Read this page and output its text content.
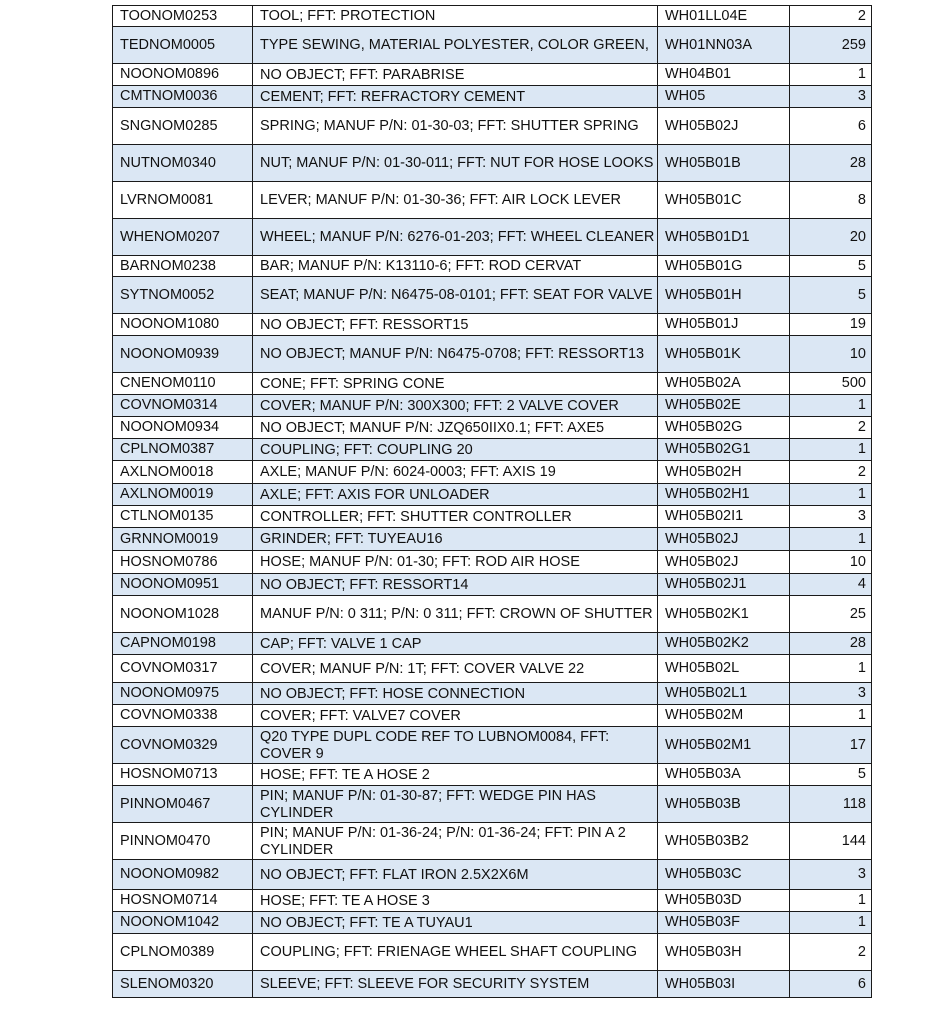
TOONOM0253	TOOL; FFT: PROTECTION	WH01LL04E	2
TEDNOM0005	TYPE SEWING, MATERIAL POLYESTER, COLOR GREEN,	WH01NN03A	259
NOONOM0896	NO OBJECT; FFT: PARABRISE	WH04B01	1
CMTNOM0036	CEMENT; FFT: REFRACTORY CEMENT	WH05	3
SNGNOM0285	SPRING; MANUF P/N: 01-30-03; FFT: SHUTTER SPRING	WH05B02J	6
NUTNOM0340	NUT; MANUF P/N: 01-30-011; FFT: NUT FOR HOSE LOOKS	WH05B01B	28
LVRNOM0081	LEVER; MANUF P/N: 01-30-36; FFT: AIR LOCK LEVER	WH05B01C	8
WHENOM0207	WHEEL; MANUF P/N: 6276-01-203; FFT: WHEEL CLEANER	WH05B01D1	20
BARNOM0238	BAR; MANUF P/N: K13110-6; FFT: ROD CERVAT	WH05B01G	5
SYTNOM0052	SEAT; MANUF P/N: N6475-08-0101; FFT: SEAT FOR VALVE	WH05B01H	5
NOONOM1080	NO OBJECT; FFT: RESSORT15	WH05B01J	19
NOONOM0939	NO OBJECT; MANUF P/N: N6475-0708; FFT: RESSORT13	WH05B01K	10
CNENOM0110	CONE; FFT: SPRING CONE	WH05B02A	500
COVNOM0314	COVER; MANUF P/N: 300X300; FFT: 2 VALVE COVER	WH05B02E	1
NOONOM0934	NO OBJECT; MANUF P/N: JZQ650IIX0.1; FFT: AXE5	WH05B02G	2
CPLNOM0387	COUPLING; FFT: COUPLING 20	WH05B02G1	1
AXLNOM0018	AXLE; MANUF P/N: 6024-0003; FFT: AXIS 19	WH05B02H	2
AXLNOM0019	AXLE; FFT: AXIS FOR UNLOADER	WH05B02H1	1
CTLNOM0135	CONTROLLER; FFT: SHUTTER CONTROLLER	WH05B02I1	3
GRNNOM0019	GRINDER; FFT: TUYEAU16	WH05B02J	1
HOSNOM0786	HOSE; MANUF P/N: 01-30; FFT: ROD AIR HOSE	WH05B02J	10
NOONOM0951	NO OBJECT; FFT: RESSORT14	WH05B02J1	4
NOONOM1028	MANUF P/N: 0 311; P/N: 0 311; FFT: CROWN OF SHUTTER	WH05B02K1	25
CAPNOM0198	CAP; FFT: VALVE 1 CAP	WH05B02K2	28
COVNOM0317	COVER; MANUF P/N: 1T; FFT: COVER VALVE 22	WH05B02L	1
NOONOM0975	NO OBJECT; FFT: HOSE CONNECTION	WH05B02L1	3
COVNOM0338	COVER; FFT: VALVE7 COVER	WH05B02M	1
COVNOM0329	Q20 TYPE DUPL CODE REF TO LUBNOM0084, FFT: COVER 9	WH05B02M1	17
HOSNOM0713	HOSE; FFT: TE A HOSE 2	WH05B03A	5
PINNOM0467	PIN; MANUF P/N: 01-30-87; FFT: WEDGE PIN HAS CYLINDER	WH05B03B	118
PINNOM0470	PIN; MANUF P/N: 01-36-24; P/N: 01-36-24; FFT: PIN A 2 CYLINDER	WH05B03B2	144
NOONOM0982	NO OBJECT; FFT: FLAT IRON 2.5X2X6M	WH05B03C	3
HOSNOM0714	HOSE; FFT: TE A HOSE 3	WH05B03D	1
NOONOM1042	NO OBJECT; FFT: TE A TUYAU1	WH05B03F	1
CPLNOM0389	COUPLING; FFT: FRIENAGE WHEEL SHAFT COUPLING	WH05B03H	2
SLENOM0320	SLEEVE; FFT: SLEEVE FOR SECURITY SYSTEM	WH05B03I	6
